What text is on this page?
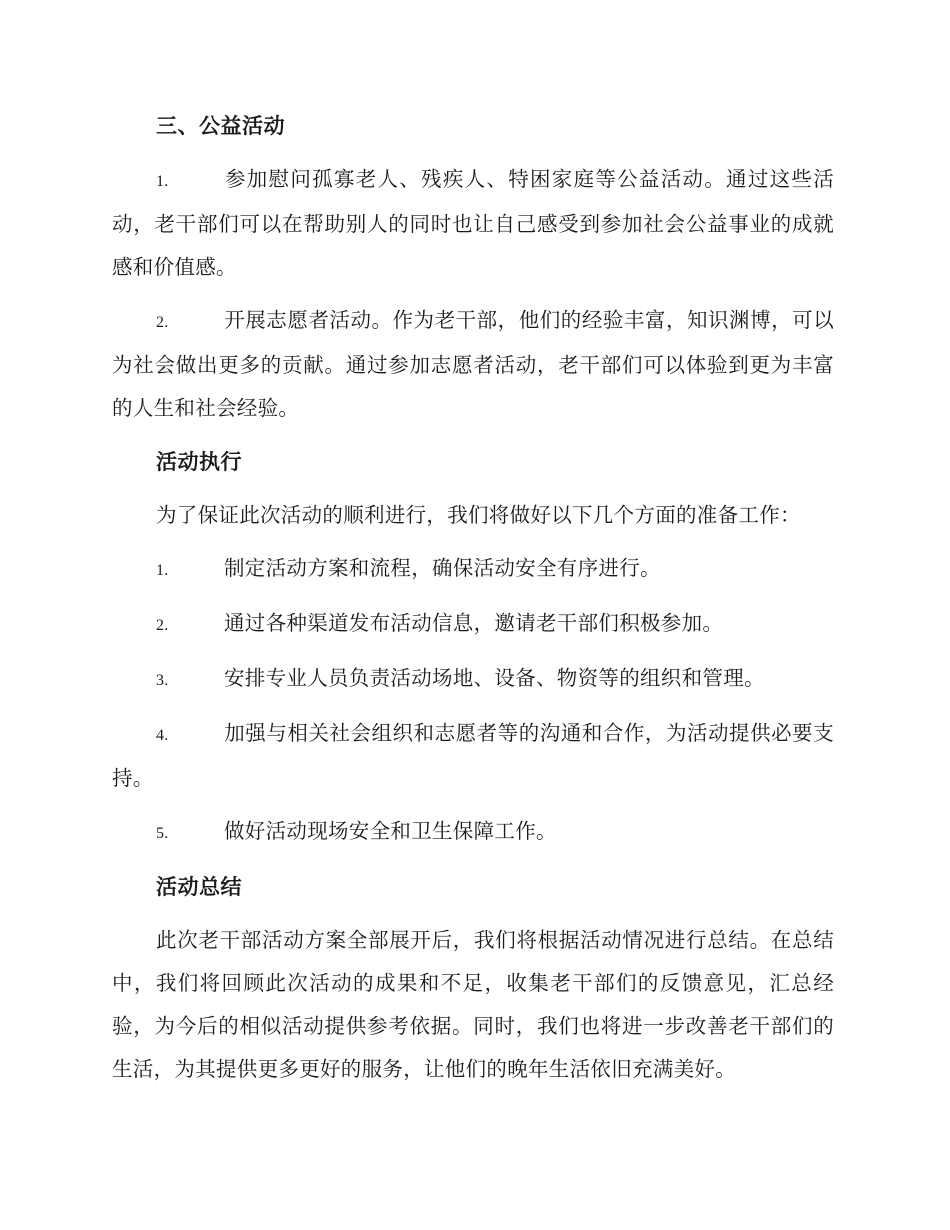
三、公益活动
1.	参加慰问孤寡老人、残疾人、特困家庭等公益活动。通过这些活动，老干部们可以在帮助别人的同时也让自己感受到参加社会公益事业的成就感和价值感。
2.	开展志愿者活动。作为老干部，他们的经验丰富，知识渊博，可以为社会做出更多的贡献。通过参加志愿者活动，老干部们可以体验到更为丰富的人生和社会经验。
活动执行
为了保证此次活动的顺利进行，我们将做好以下几个方面的准备工作：
1.	制定活动方案和流程，确保活动安全有序进行。
2.	通过各种渠道发布活动信息，邀请老干部们积极参加。
3.	安排专业人员负责活动场地、设备、物资等的组织和管理。
4.	加强与相关社会组织和志愿者等的沟通和合作，为活动提供必要支持。
5.	做好活动现场安全和卫生保障工作。
活动总结
此次老干部活动方案全部展开后，我们将根据活动情况进行总结。在总结中，我们将回顾此次活动的成果和不足，收集老干部们的反馈意见，汇总经验，为今后的相似活动提供参考依据。同时，我们也将进一步改善老干部们的生活，为其提供更多更好的服务，让他们的晚年生活依旧充满美好。
